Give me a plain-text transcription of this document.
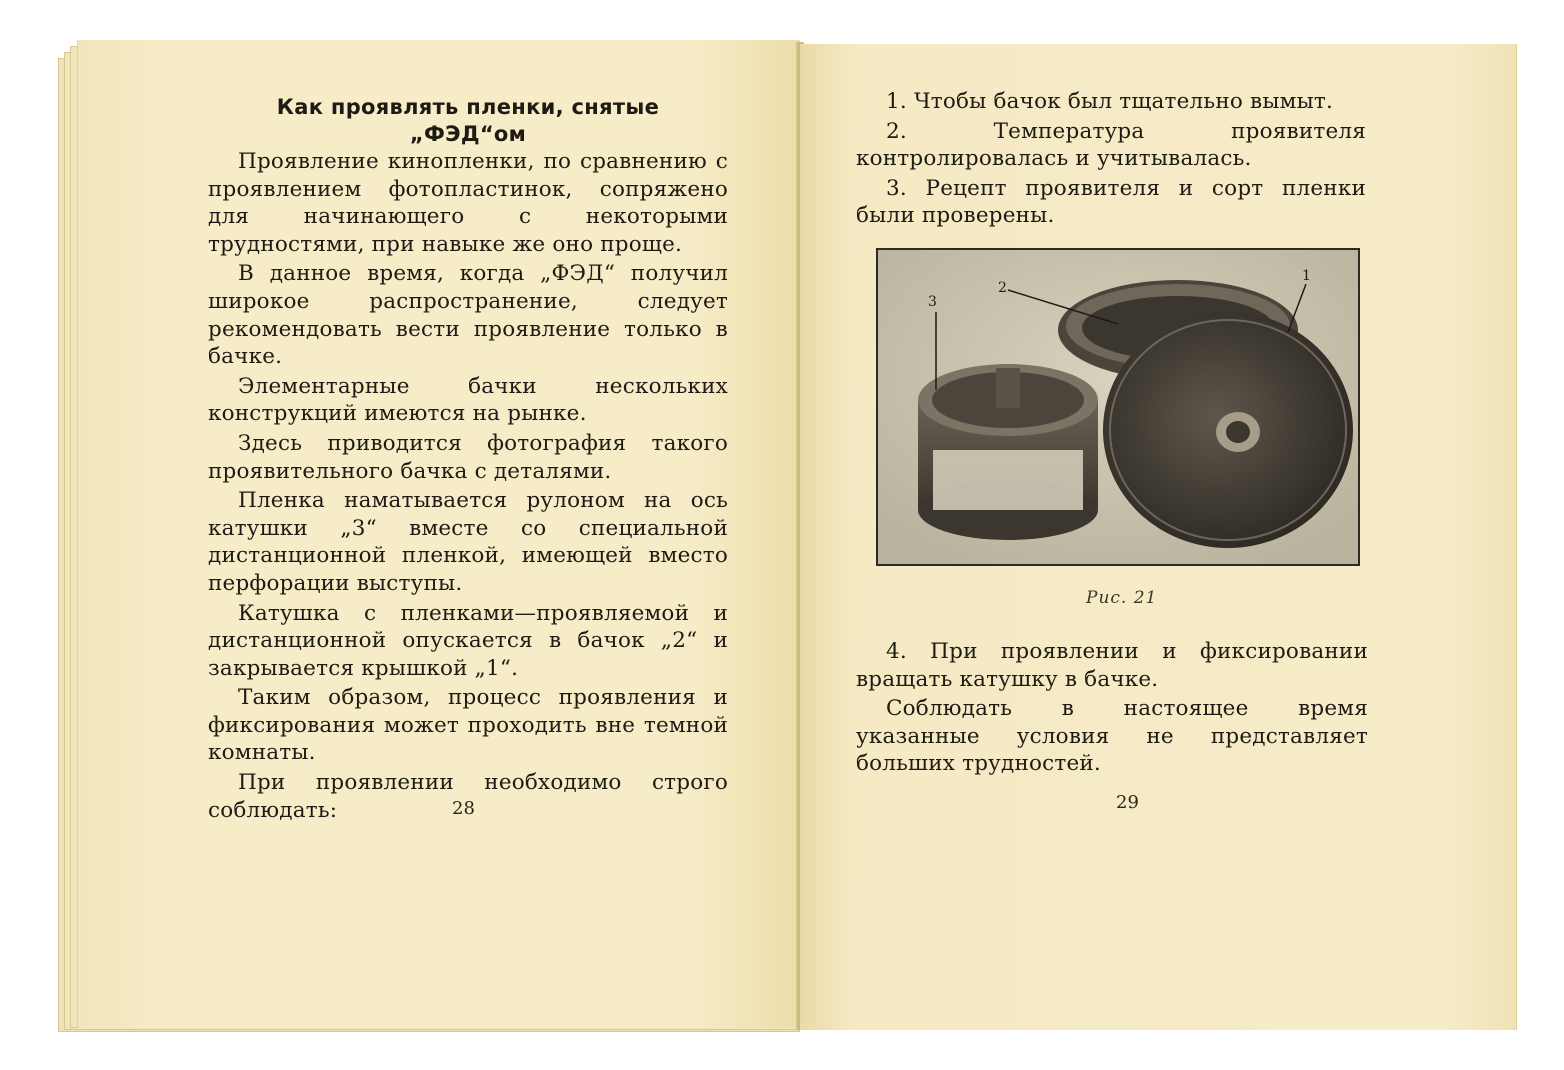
Как проявлять пленки, снятые
„ФЭД“ом

Проявление кинопленки, по сравнению с проявлением фотопластинок, сопряжено для начинающего с некоторыми трудностями, при навыке же оно проще.

В данное время, когда „ФЭД“ получил широкое распространение, следует рекомендовать вести проявление только в бачке.

Элементарные бачки нескольких конструкций имеются на рынке.

Здесь приводится фотография такого проявительного бачка с деталями.

Пленка наматывается рулоном на ось катушки „3“ вместе со специальной дистанционной пленкой, имеющей вместо перфорации выступы.

Катушка с пленками—проявляемой и дистанционной опускается в бачок „2“ и закрывается крышкой „1“.

Таким образом, процесс проявления и фиксирования может проходить вне темной комнаты.

При проявлении необходимо строго соблюдать:	28

1. Чтобы бачок был тщательно вымыт.

2. Температура проявителя контролировалась и учитывалась.

3. Рецепт проявителя и сорт пленки были проверены.

3
2
1
Рис. 21

4. При проявлении и фиксировании вращать катушку в бачке.

Соблюдать в настоящее время указанные условия не представляет больших трудностей.

29
